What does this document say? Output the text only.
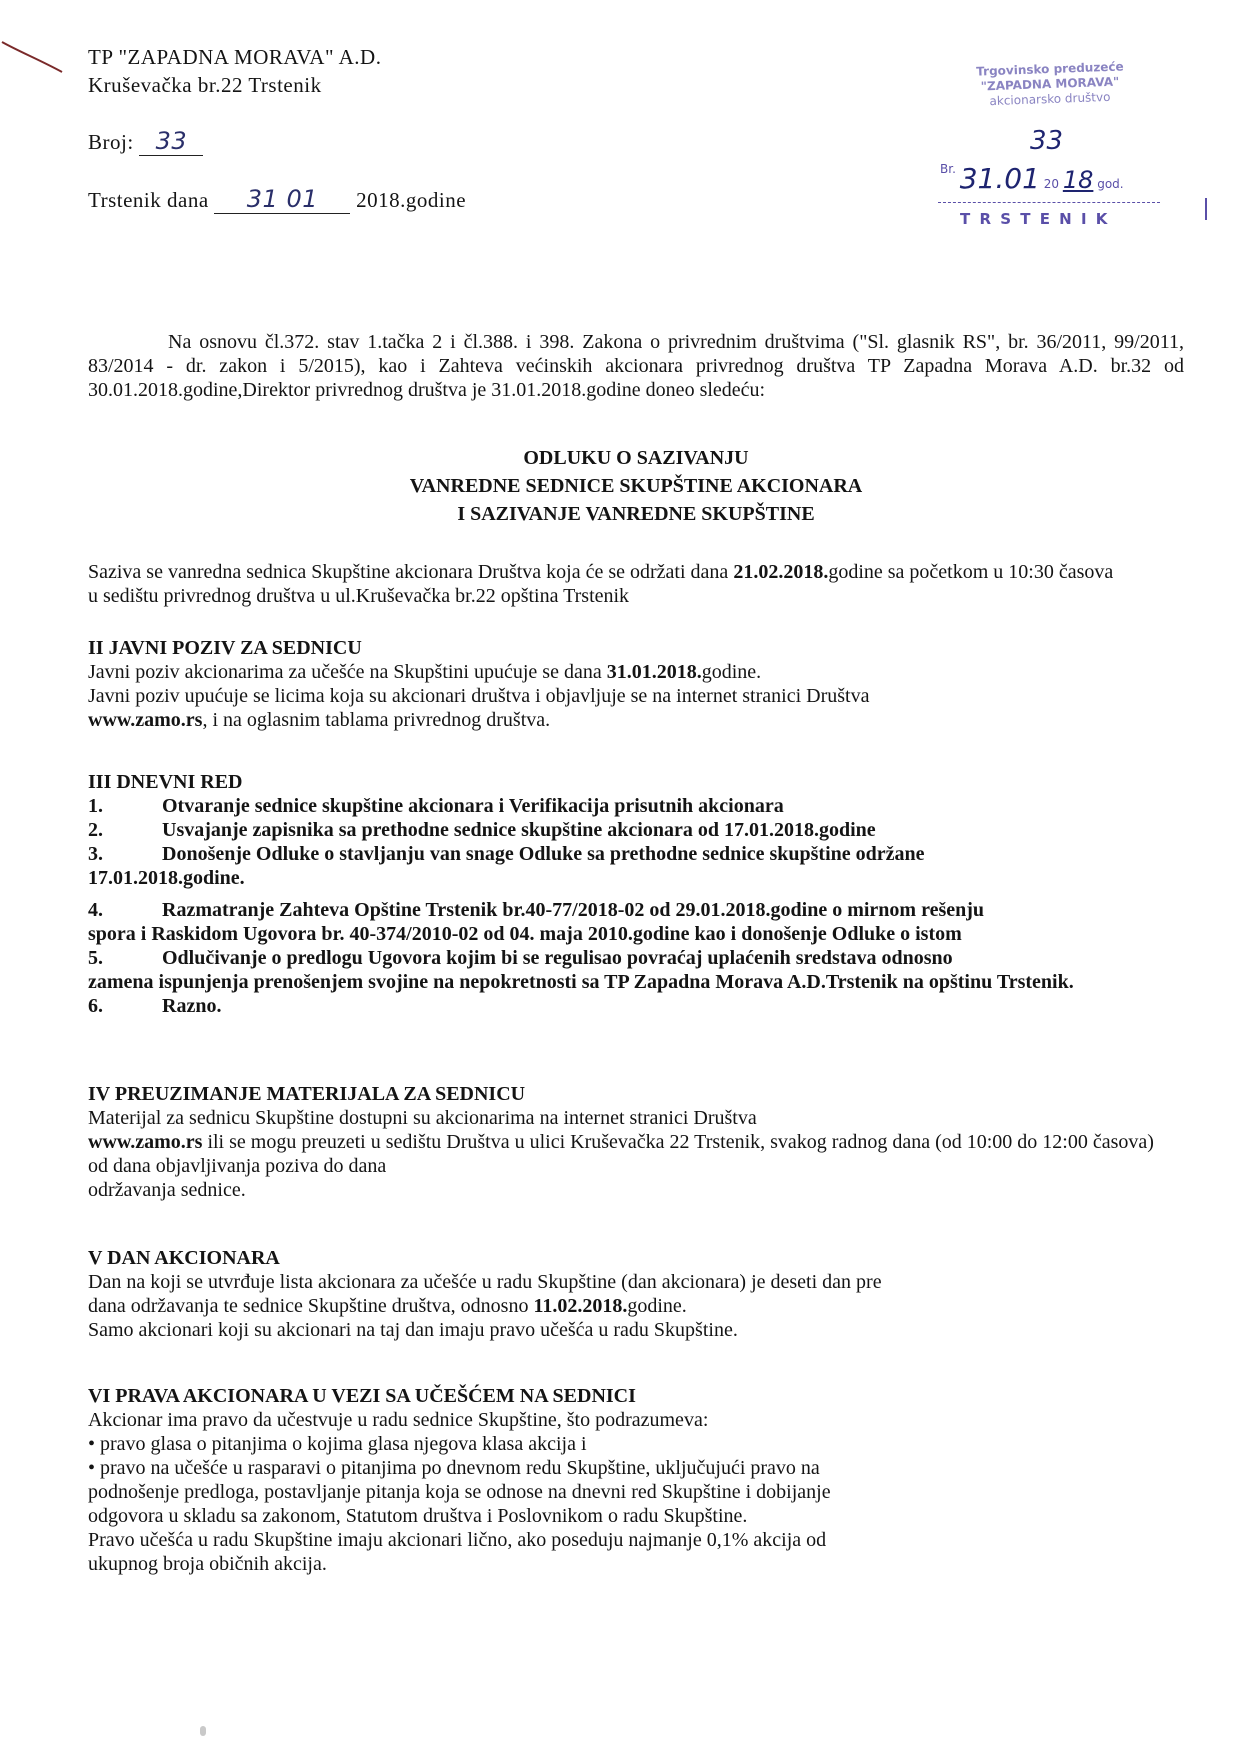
TP "ZAPADNA MORAVA" A.D.
Kruševačka br.22 Trstenik
Broj: 33
Trstenik dana 31 01 2018.godine
Trgovinsko preduzeće
"ZAPADNA MORAVA"
akcionarsko društvo
33
Br. 31.01 20 18 god.
T R S T E N I K
Na osnovu čl.372. stav 1.tačka 2 i čl.388. i 398. Zakona o privrednim društvima ("Sl. glasnik RS", br. 36/2011, 99/2011, 83/2014 - dr. zakon i 5/2015), kao i Zahteva većinskih akcionara privrednog društva TP Zapadna Morava A.D. br.32 od 30.01.2018.godine,Direktor privrednog društva je 31.01.2018.godine doneo sledeću:
ODLUKU O SAZIVANJU
VANREDNE SEDNICE SKUPŠTINE AKCIONARA
I SAZIVANJE VANREDNE SKUPŠTINE
Saziva se vanredna sednica Skupštine akcionara Društva koja će se održati dana 21.02.2018.godine sa početkom u 10:30 časova u sedištu privrednog društva u ul.Kruševačka br.22 opština Trstenik
II JAVNI POZIV ZA SEDNICU
Javni poziv akcionarima za učešće na Skupštini upućuje se dana 31.01.2018.godine.
Javni poziv upućuje se licima koja su akcionari društva i objavljuje se na internet stranici Društva
www.zamo.rs, i na oglasnim tablama privrednog društva.
III DNEVNI RED
1.	Otvaranje sednice skupštine akcionara i Verifikacija prisutnih akcionara
2.	Usvajanje zapisnika sa prethodne sednice skupštine akcionara od 17.01.2018.godine
3.	Donošenje Odluke o stavljanju van snage Odluke sa prethodne sednice skupštine održane
17.01.2018.godine.
4.	Razmatranje Zahteva Opštine Trstenik br.40-77/2018-02 od 29.01.2018.godine o mirnom rešenju
spora i Raskidom Ugovora br. 40-374/2010-02 od 04. maja 2010.godine kao i donošenje Odluke o istom
5.	Odlučivanje o predlogu Ugovora kojim bi se regulisao povraćaj uplaćenih sredstava odnosno
zamena ispunjenja prenošenjem svojine na nepokretnosti sa TP Zapadna Morava A.D.Trstenik na opštinu Trstenik.
6.	Razno.
IV PREUZIMANJE MATERIJALA ZA SEDNICU
Materijal za sednicu Skupštine dostupni su akcionarima na internet stranici Društva
www.zamo.rs ili se mogu preuzeti u sedištu Društva u ulici Kruševačka 22 Trstenik, svakog radnog dana (od 10:00 do 12:00 časova) od dana objavljivanja poziva do dana
održavanja sednice.
V DAN AKCIONARA
Dan na koji se utvrđuje lista akcionara za učešće u radu Skupštine (dan akcionara) je deseti dan pre
dana održavanja te sednice Skupštine društva, odnosno 11.02.2018.godine.
Samo akcionari koji su akcionari na taj dan imaju pravo učešća u radu Skupštine.
VI PRAVA AKCIONARA U VEZI SA UČEŠĆEM NA SEDNICI
Akcionar ima pravo da učestvuje u radu sednice Skupštine, što podrazumeva:
• pravo glasa o pitanjima o kojima glasa njegova klasa akcija i
• pravo na učešće u rasparavi o pitanjima po dnevnom redu Skupštine, uključujući pravo na
podnošenje predloga, postavljanje pitanja koja se odnose na dnevni red Skupštine i dobijanje
odgovora u skladu sa zakonom, Statutom društva i Poslovnikom o radu Skupštine.
Pravo učešća u radu Skupštine imaju akcionari lično, ako poseduju najmanje 0,1% akcija od
ukupnog broja običnih akcija.
